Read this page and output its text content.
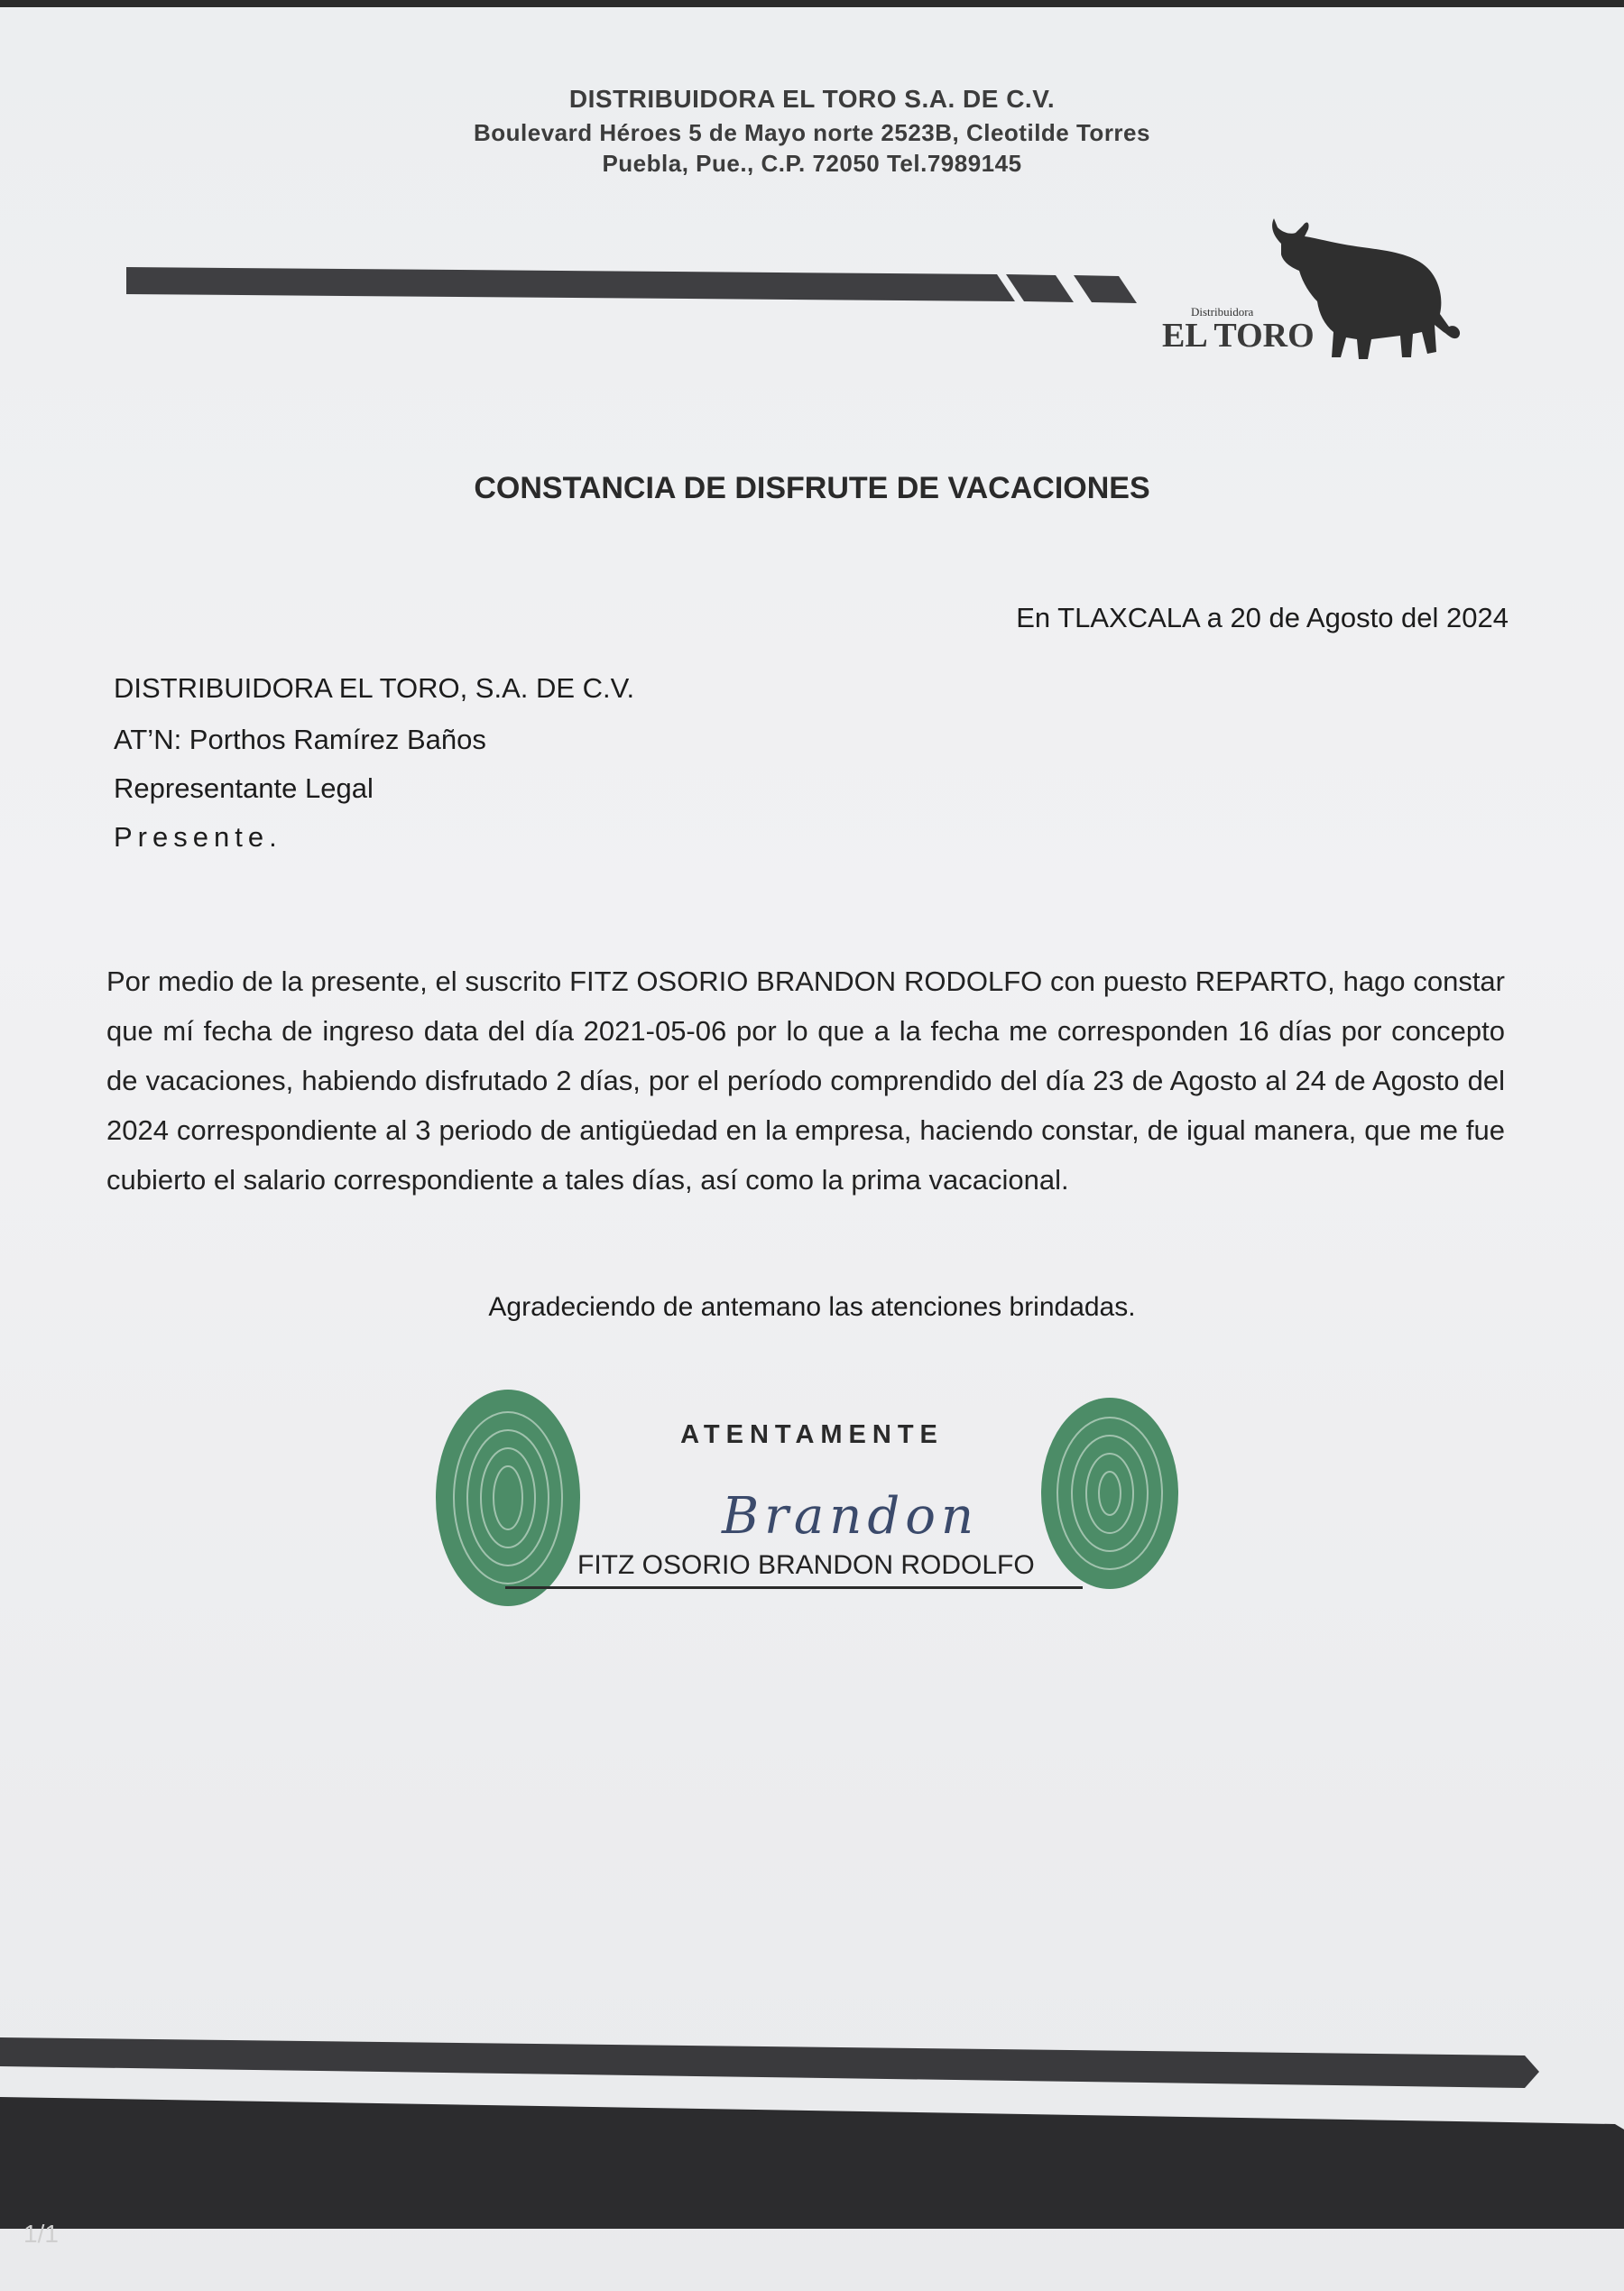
DISTRIBUIDORA EL TORO S.A. DE C.V.
Boulevard Héroes 5 de Mayo norte 2523B, Cleotilde Torres
Puebla, Pue., C.P. 72050 Tel.7989145
Distribuidora
EL TORO
CONSTANCIA DE DISFRUTE DE VACACIONES
En TLAXCALA a 20 de Agosto del 2024
DISTRIBUIDORA EL TORO, S.A. DE C.V.
AT’N: Porthos Ramírez Baños
Representante Legal
Presente.
Por medio de la presente, el suscrito FITZ OSORIO BRANDON RODOLFO con puesto REPARTO, hago constar que mí fecha de ingreso data del día 2021-05-06 por lo que a la fecha me corresponden 16 días por concepto de vacaciones, habiendo disfrutado 2 días, por el período comprendido del día 23 de Agosto al 24 de Agosto del 2024 correspondiente al 3 periodo de antigüedad en la empresa, haciendo constar, de igual manera, que me fue cubierto el salario correspondiente a tales días, así como la prima vacacional.
Agradeciendo de antemano las atenciones brindadas.
ATENTAMENTE
Brandon
FITZ OSORIO BRANDON RODOLFO
1/1
